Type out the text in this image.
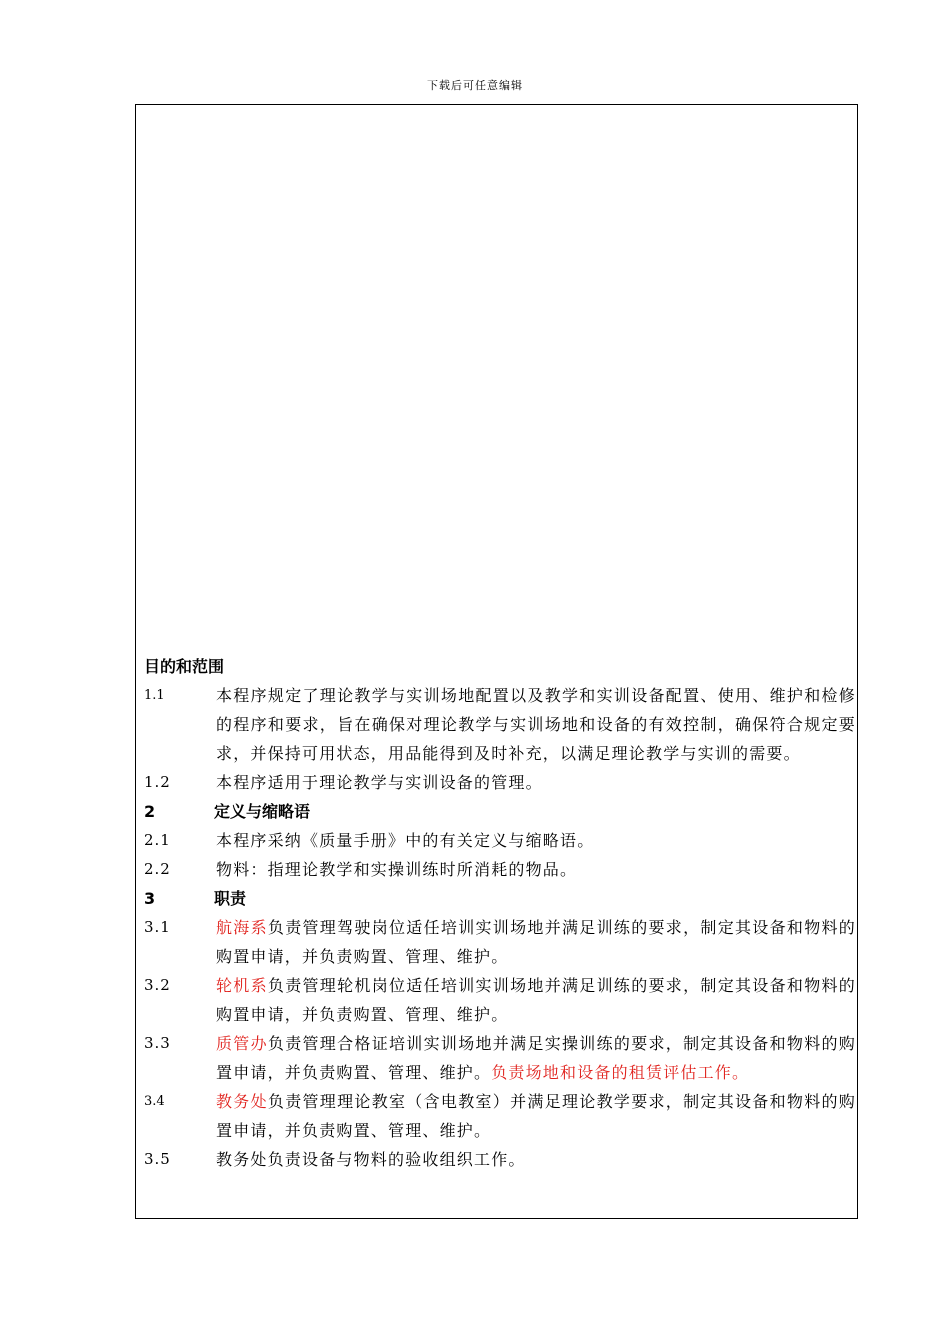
下载后可任意编辑
目的和范围
1.1	本程序规定了理论教学与实训场地配置以及教学和实训设备配置、使用、维护和检修的程序和要求，旨在确保对理论教学与实训场地和设备的有效控制，确保符合规定要求，并保持可用状态，用品能得到及时补充，以满足理论教学与实训的需要。
1.2	本程序适用于理论教学与实训设备的管理。
2	定义与缩略语
2.1	本程序采纳《质量手册》中的有关定义与缩略语。
2.2	物料：指理论教学和实操训练时所消耗的物品。
3	职责
3.1	航海系负责管理驾驶岗位适任培训实训场地并满足训练的要求，制定其设备和物料的购置申请，并负责购置、管理、维护。
3.2	轮机系负责管理轮机岗位适任培训实训场地并满足训练的要求，制定其设备和物料的购置申请，并负责购置、管理、维护。
3.3	质管办负责管理合格证培训实训场地并满足实操训练的要求，制定其设备和物料的购置申请，并负责购置、管理、维护。负责场地和设备的租赁评估工作。
3.4	教务处负责管理理论教室（含电教室）并满足理论教学要求，制定其设备和物料的购置申请，并负责购置、管理、维护。
3.5	教务处负责设备与物料的验收组织工作。
